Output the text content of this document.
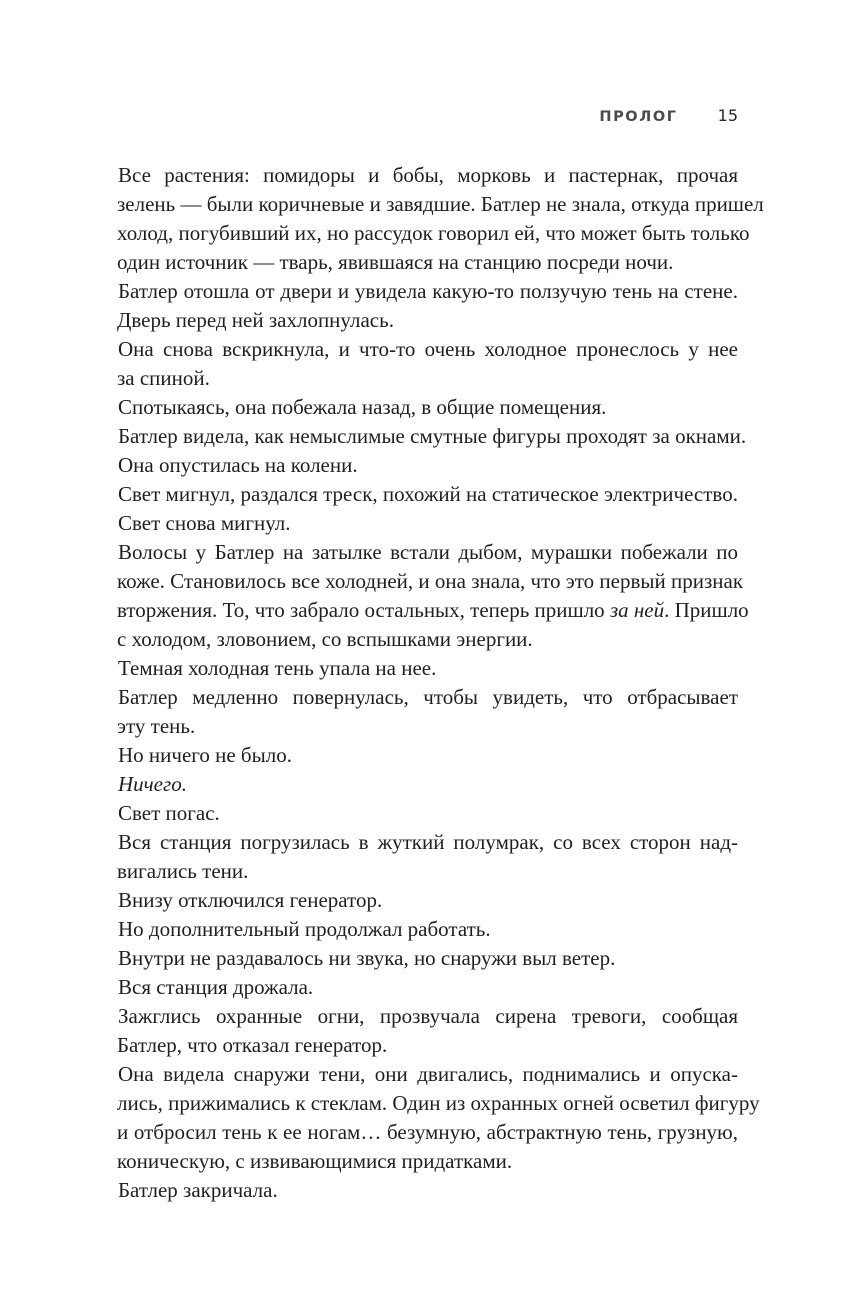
ПРОЛОГ	15

Все растения: помидоры и бобы, морковь и пастернак, прочая

зелень — были коричневые и завядшие. Батлер не знала, откуда пришел

холод, погубивший их, но рассудок говорил ей, что может быть только

один источник — тварь, явившаяся на станцию посреди ночи.

Батлер отошла от двери и увидела какую-то ползучую тень на стене.

Дверь перед ней захлопнулась.

Она снова вскрикнула, и что-то очень холодное пронеслось у нее

за спиной.

Спотыкаясь, она побежала назад, в общие помещения.

Батлер видела, как немыслимые смутные фигуры проходят за окнами.

Она опустилась на колени.

Свет мигнул, раздался треск, похожий на статическое электричество.

Свет снова мигнул.

Волосы у Батлер на затылке встали дыбом, мурашки побежали по

коже. Становилось все холодней, и она знала, что это первый признак

вторжения. То, что забрало остальных, теперь пришло за ней. Пришло

с холодом, зловонием, со вспышками энергии.

Темная холодная тень упала на нее.

Батлер медленно повернулась, чтобы увидеть, что отбрасывает

эту тень.

Но ничего не было.

Ничего.

Свет погас.

Вся станция погрузилась в жуткий полумрак, со всех сторон над-

вигались тени.

Внизу отключился генератор.

Но дополнительный продолжал работать.

Внутри не раздавалось ни звука, но снаружи выл ветер.

Вся станция дрожала.

Зажглись охранные огни, прозвучала сирена тревоги, сообщая

Батлер, что отказал генератор.

Она видела снаружи тени, они двигались, поднимались и опуска-

лись, прижимались к стеклам. Один из охранных огней осветил фигуру

и отбросил тень к ее ногам… безумную, абстрактную тень, грузную,

коническую, с извивающимися придатками.

Батлер закричала.
